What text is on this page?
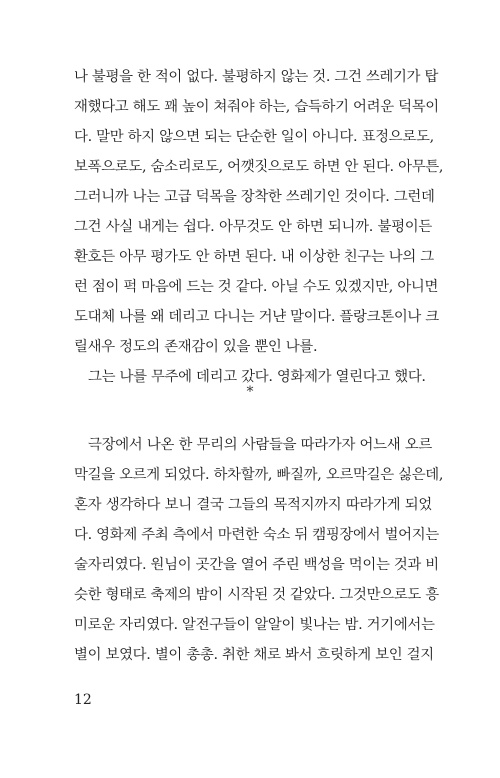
나 불평을 한 적이 없다. 불평하지 않는 것. 그건 쓰레기가 탑
재했다고 해도 꽤 높이 쳐줘야 하는, 습득하기 어려운 덕목이
다. 말만 하지 않으면 되는 단순한 일이 아니다. 표정으로도,
보폭으로도, 숨소리로도, 어깻짓으로도 하면 안 된다. 아무튼,
그러니까 나는 고급 덕목을 장착한 쓰레기인 것이다. 그런데
그건 사실 내게는 쉽다. 아무것도 안 하면 되니까. 불평이든
환호든 아무 평가도 안 하면 된다. 내 이상한 친구는 나의 그
런 점이 퍽 마음에 드는 것 같다. 아닐 수도 있겠지만, 아니면
도대체 나를 왜 데리고 다니는 거냔 말이다. 플랑크톤이나 크
릴새우 정도의 존재감이 있을 뿐인 나를.
그는 나를 무주에 데리고 갔다. 영화제가 열린다고 했다.
*
극장에서 나온 한 무리의 사람들을 따라가자 어느새 오르
막길을 오르게 되었다. 하차할까, 빠질까, 오르막길은 싫은데,
혼자 생각하다 보니 결국 그들의 목적지까지 따라가게 되었
다. 영화제 주최 측에서 마련한 숙소 뒤 캠핑장에서 벌어지는
술자리였다. 원님이 곳간을 열어 주린 백성을 먹이는 것과 비
슷한 형태로 축제의 밤이 시작된 것 같았다. 그것만으로도 흥
미로운 자리였다. 알전구들이 알알이 빛나는 밤. 거기에서는
별이 보였다. 별이 총총. 취한 채로 봐서 흐릿하게 보인 걸지
12
